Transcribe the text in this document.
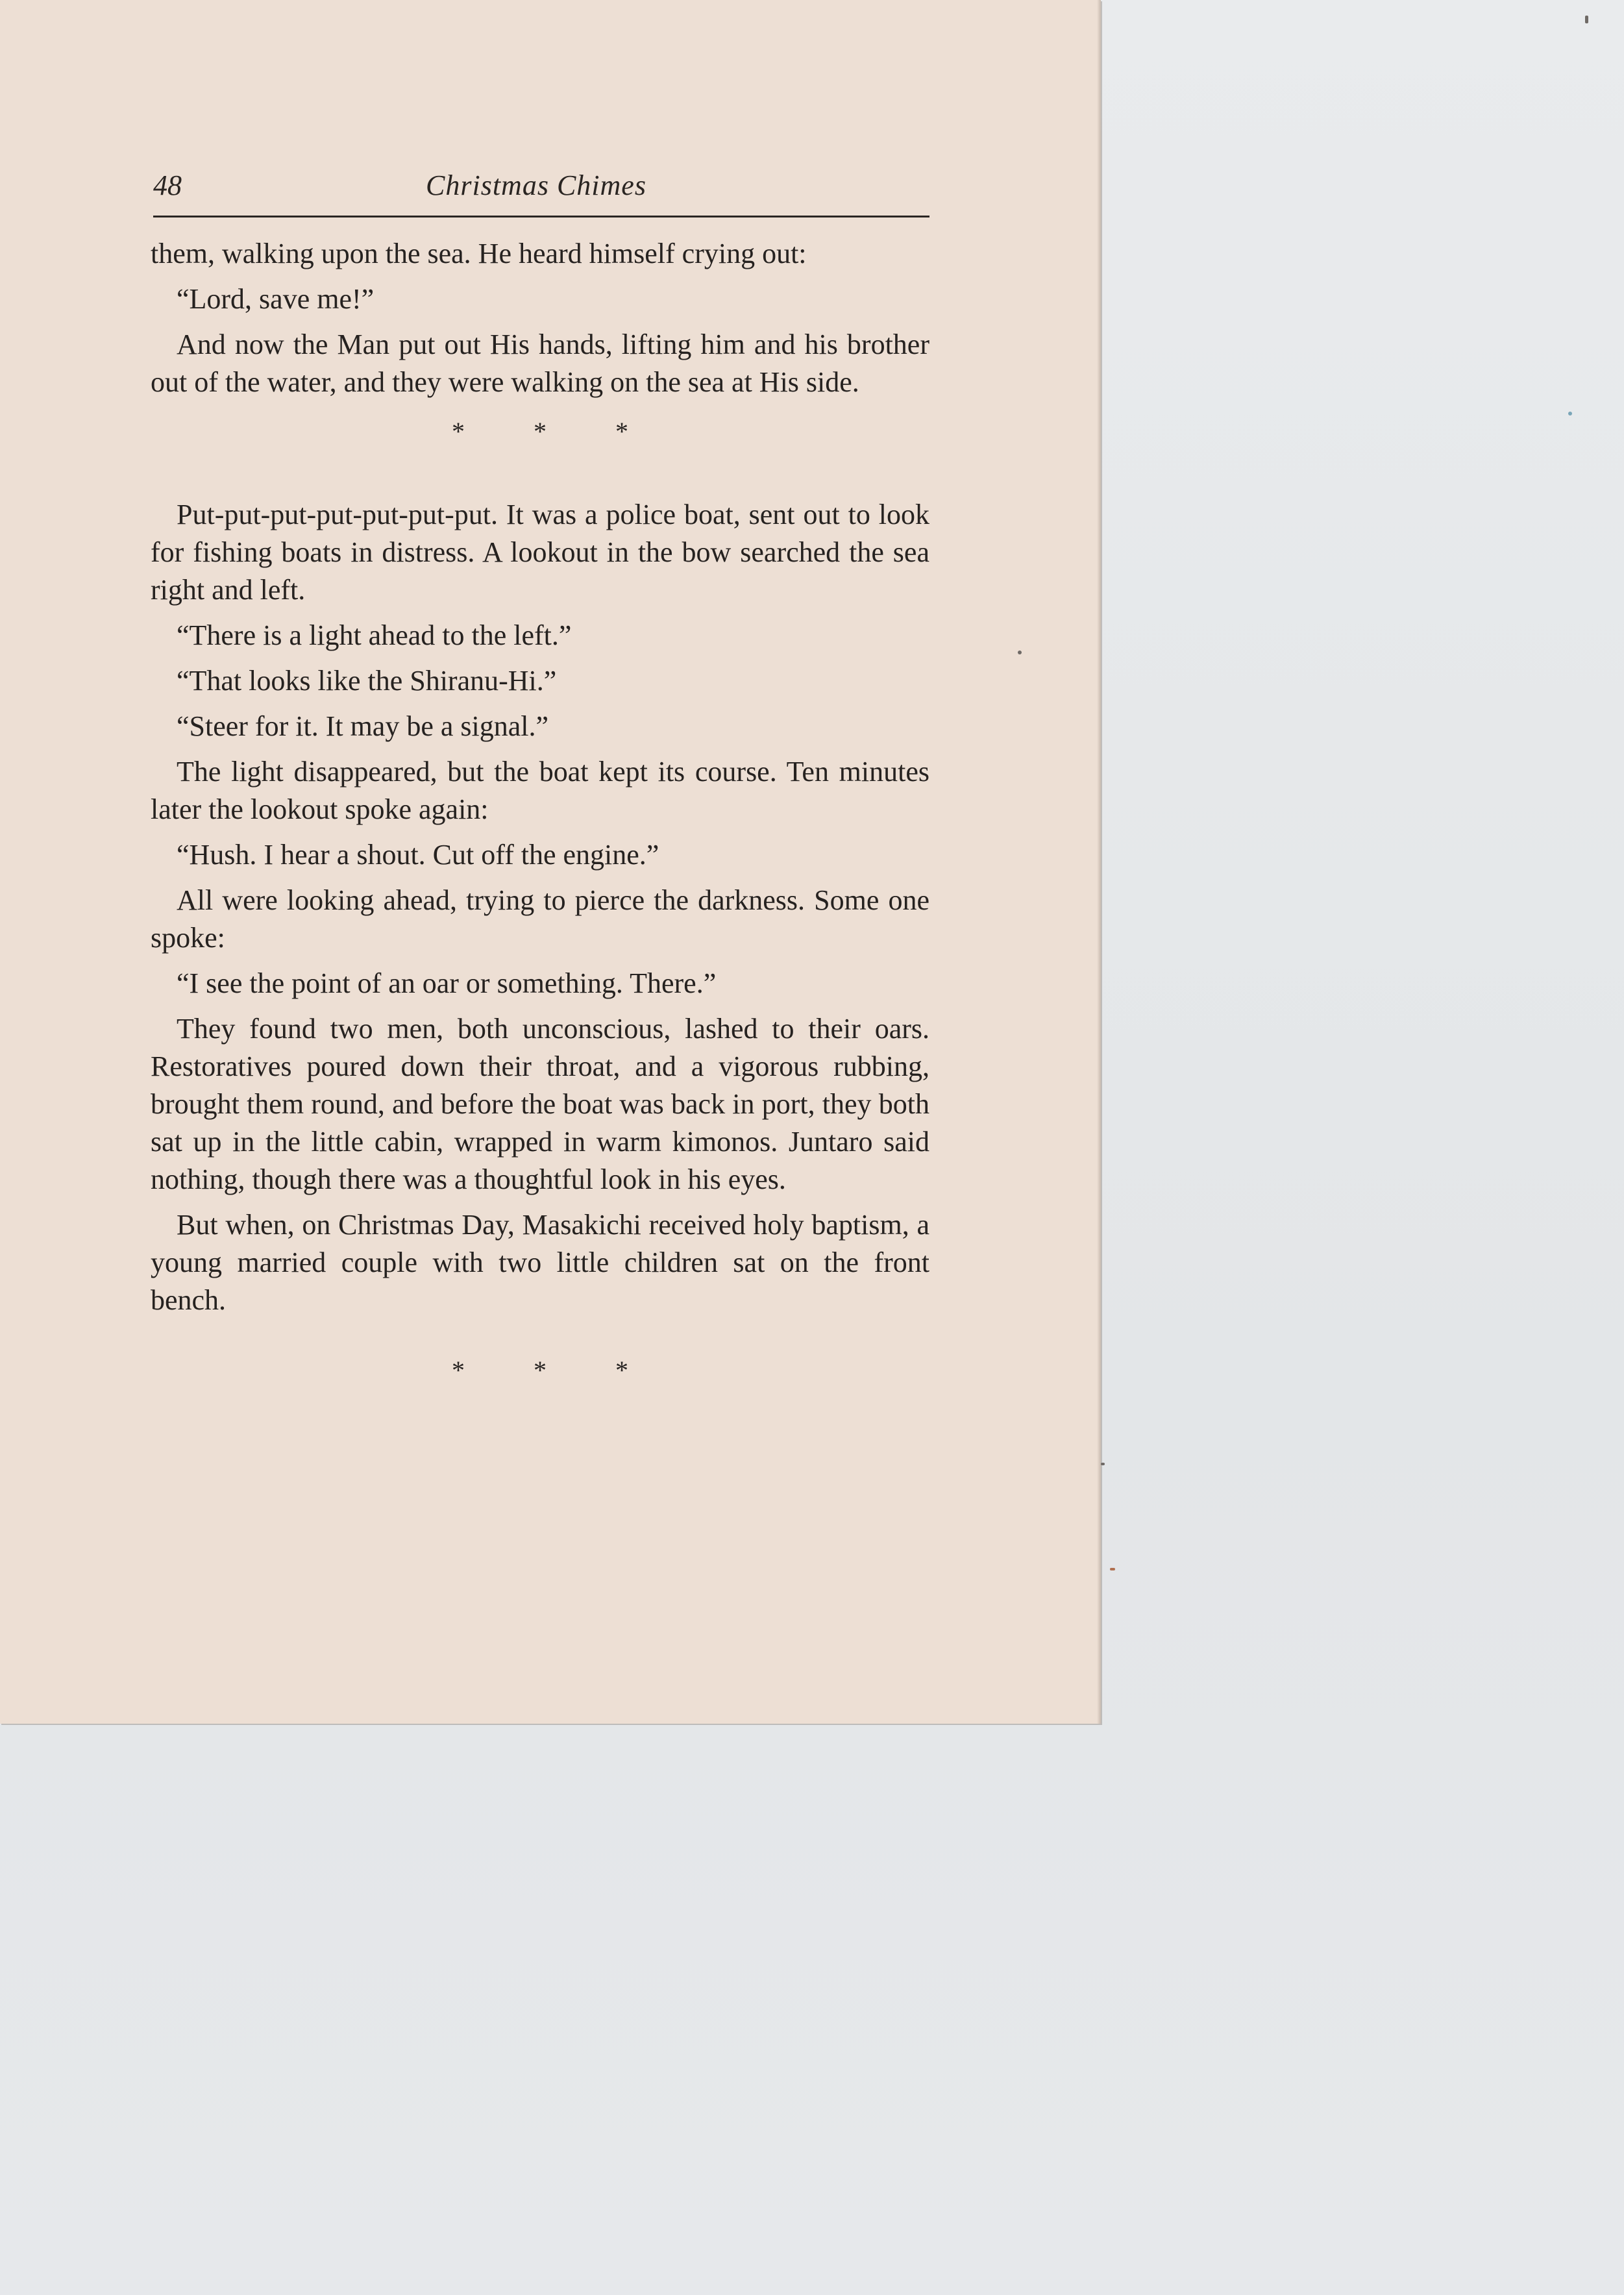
48	Christmas Chimes

them, walking upon the sea. He heard himself crying out:

“Lord, save me!”

And now the Man put out His hands, lifting him and his brother out of the water, and they were walking on the sea at His side.

* * *

Put-put-put-put-put-put-put. It was a police boat, sent out to look for fishing boats in distress. A lookout in the bow searched the sea right and left.

“There is a light ahead to the left.”

“That looks like the Shiranu-Hi.”

“Steer for it. It may be a signal.”

The light disappeared, but the boat kept its course. Ten minutes later the lookout spoke again:

“Hush. I hear a shout. Cut off the engine.”

All were looking ahead, trying to pierce the darkness. Some one spoke:

“I see the point of an oar or something. There.”

They found two men, both unconscious, lashed to their oars. Restoratives poured down their throat, and a vigorous rubbing, brought them round, and before the boat was back in port, they both sat up in the little cabin, wrapped in warm kimonos. Juntaro said nothing, though there was a thoughtful look in his eyes.

But when, on Christmas Day, Masakichi received holy baptism, a young married couple with two little children sat on the front bench.

* * *
